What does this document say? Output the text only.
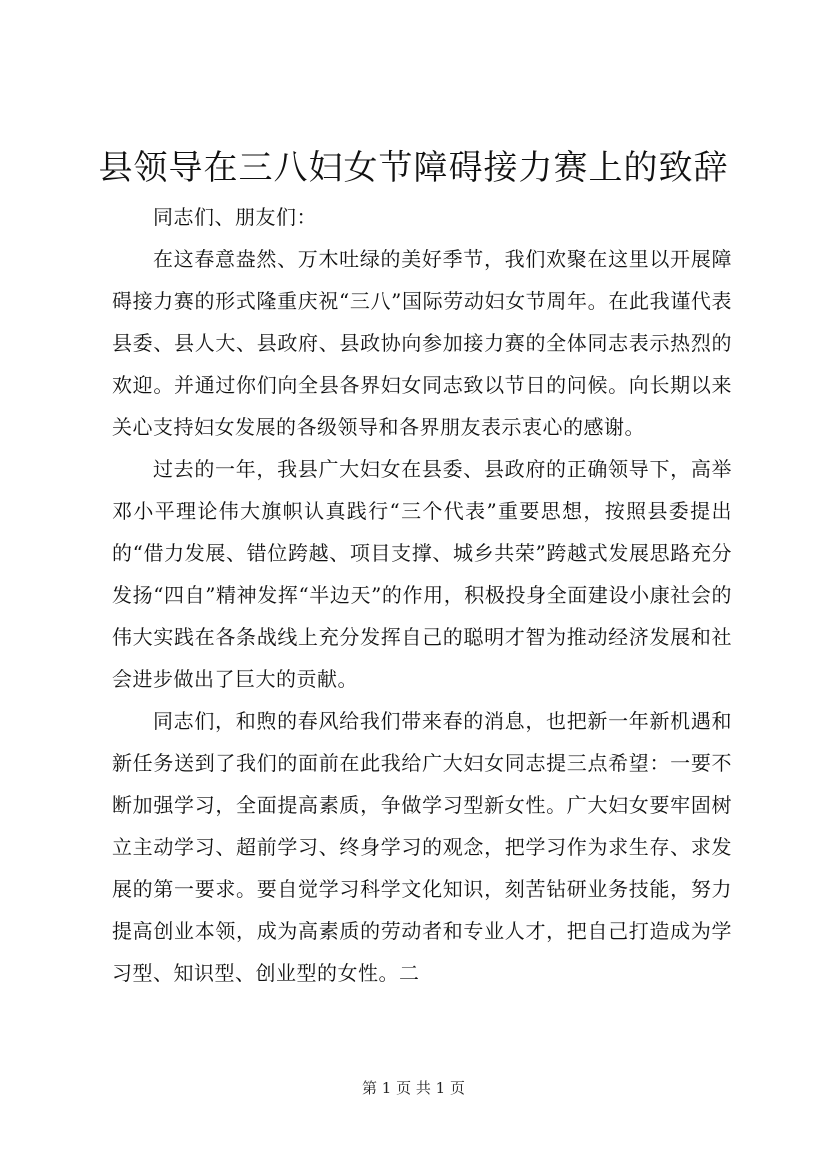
县领导在三八妇女节障碍接力赛上的致辞

同志们、朋友们：

在这春意盎然、万木吐绿的美好季节，我们欢聚在这里以开展障碍接力赛的形式隆重庆祝“三八”国际劳动妇女节周年。在此我谨代表县委、县人大、县政府、县政协向参加接力赛的全体同志表示热烈的欢迎。并通过你们向全县各界妇女同志致以节日的问候。向长期以来关心支持妇女发展的各级领导和各界朋友表示衷心的感谢。

过去的一年，我县广大妇女在县委、县政府的正确领导下，高举邓小平理论伟大旗帜认真践行“三个代表”重要思想，按照县委提出的“借力发展、错位跨越、项目支撑、城乡共荣”跨越式发展思路充分发扬“四自”精神发挥“半边天”的作用，积极投身全面建设小康社会的伟大实践在各条战线上充分发挥自己的聪明才智为推动经济发展和社会进步做出了巨大的贡献。

同志们，和煦的春风给我们带来春的消息，也把新一年新机遇和新任务送到了我们的面前在此我给广大妇女同志提三点希望：一要不断加强学习，全面提高素质，争做学习型新女性。广大妇女要牢固树立主动学习、超前学习、终身学习的观念，把学习作为求生存、求发展的第一要求。要自觉学习科学文化知识，刻苦钻研业务技能，努力提高创业本领，成为高素质的劳动者和专业人才，把自己打造成为学习型、知识型、创业型的女性。二

第 1 页 共 1 页
